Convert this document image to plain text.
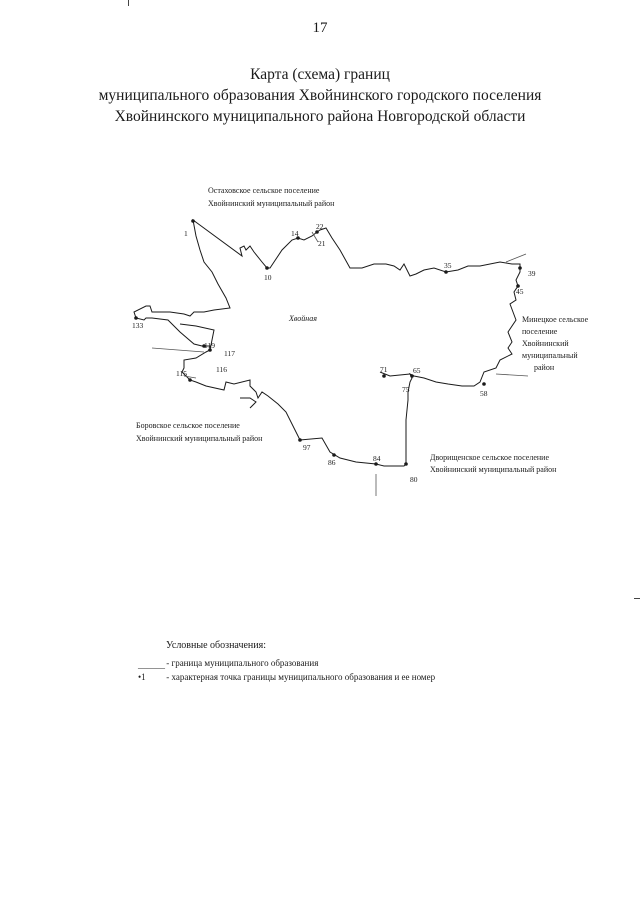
17
Карта (схема) границ
муниципального образования Хвойнинского городского поселения
Хвойнинского муниципального района Новгородской области
1
10
14
22
21
35
39
45
58
65
75
71
84
80
86
97
115	116
117
119
133
Хвойная
Остаховское сельское поселение
Хвойнинский муниципальный район
Минецкое сельское
поселение
Хвойнинский
муниципальный
район
Боровское сельское поселение
Хвойнинский муниципальный район
Дворищенское сельское поселение
Хвойнинский муниципальный район
Условные обозначения:
——— - граница муниципального образования
•1 - характерная точка границы муниципального образования и ее номер
